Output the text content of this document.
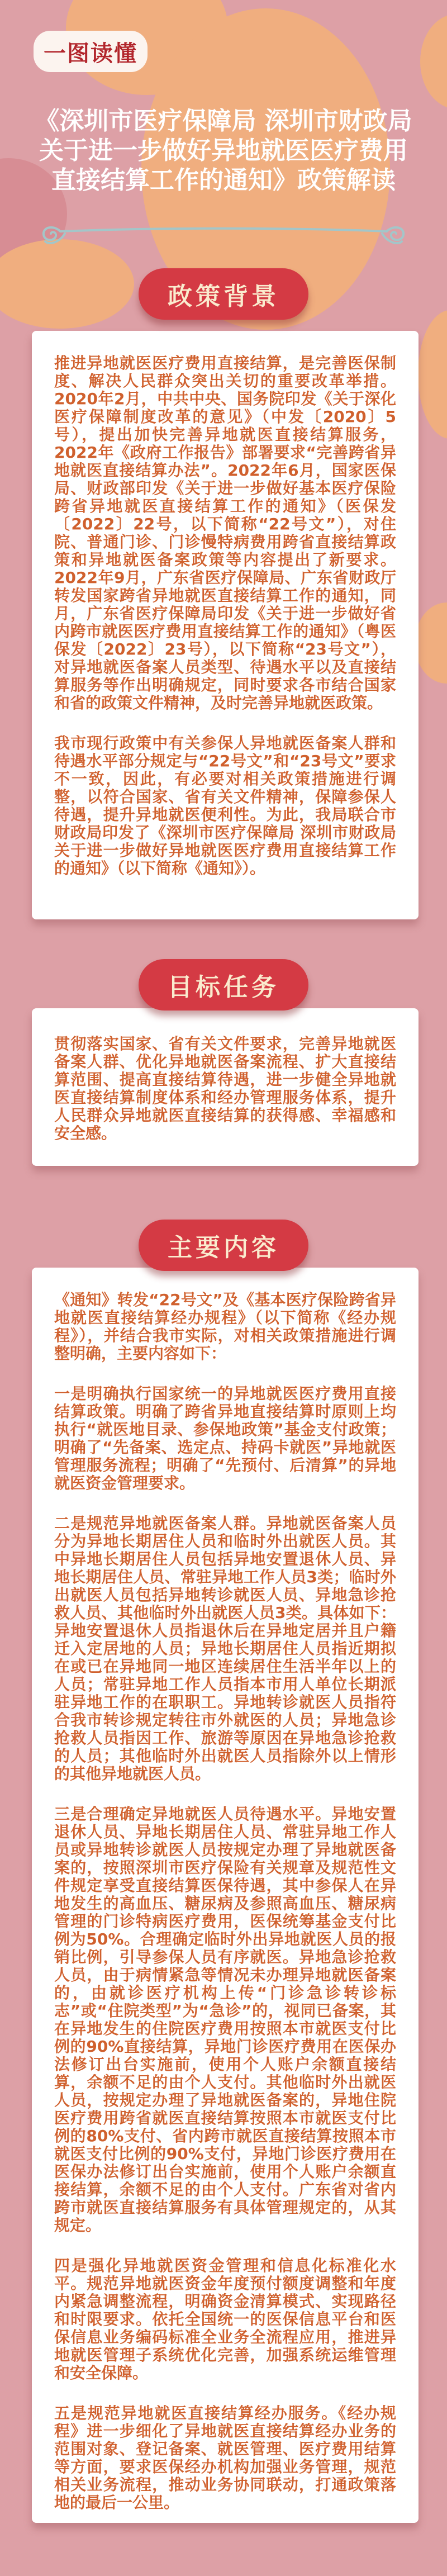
一图读懂
《深圳市医疗保障局 深圳市财政局
关于进一步做好异地就医医疗费用
直接结算工作的通知》政策解读
政策背景

推进异地就医医疗费用直接结算，是完善医保制度、解决人民群众突出关切的重要改革举措。2020年2月，中共中央、国务院印发《关于深化医疗保障制度改革的意见》（中发〔2020〕5号），提出加快完善异地就医直接结算服务，2022年《政府工作报告》部署要求“完善跨省异地就医直接结算办法”。2022年6月，国家医保局、财政部印发《关于进一步做好基本医疗保险跨省异地就医直接结算工作的通知》（医保发〔2022〕22号，以下简称“22号文”），对住院、普通门诊、门诊慢特病费用跨省直接结算政策和异地就医备案政策等内容提出了新要求。2022年9月，广东省医疗保障局、广东省财政厅转发国家跨省异地就医直接结算工作的通知，同月，广东省医疗保障局印发《关于进一步做好省内跨市就医医疗费用直接结算工作的通知》（粤医保发〔2022〕23号），以下简称“23号文”），对异地就医备案人员类型、待遇水平以及直接结算服务等作出明确规定，同时要求各市结合国家和省的政策文件精神，及时完善异地就医政策。

我市现行政策中有关参保人异地就医备案人群和待遇水平部分规定与“22号文”和“23号文”要求不一致，因此，有必要对相关政策措施进行调整，以符合国家、省有关文件精神，保障参保人待遇，提升异地就医便利性。为此，我局联合市财政局印发了《深圳市医疗保障局 深圳市财政局关于进一步做好异地就医医疗费用直接结算工作的通知》（以下简称《通知》）。

目标任务

贯彻落实国家、省有关文件要求，完善异地就医备案人群、优化异地就医备案流程、扩大直接结算范围、提高直接结算待遇，进一步健全异地就医直接结算制度体系和经办管理服务体系，提升人民群众异地就医直接结算的获得感、幸福感和安全感。

主要内容

《通知》转发“22号文”及《基本医疗保险跨省异地就医直接结算经办规程》（以下简称《经办规程》），并结合我市实际，对相关政策措施进行调整明确，主要内容如下：

一是明确执行国家统一的异地就医医疗费用直接结算政策。明确了跨省异地直接结算时原则上均执行“就医地目录、参保地政策”基金支付政策；明确了“先备案、选定点、持码卡就医”异地就医管理服务流程；明确了“先预付、后清算”的异地就医资金管理要求。

二是规范异地就医备案人群。异地就医备案人员分为异地长期居住人员和临时外出就医人员。其中异地长期居住人员包括异地安置退休人员、异地长期居住人员、常驻异地工作人员3类；临时外出就医人员包括异地转诊就医人员、异地急诊抢救人员、其他临时外出就医人员3类。具体如下：异地安置退休人员指退休后在异地定居并且户籍迁入定居地的人员；异地长期居住人员指近期拟在或已在异地同一地区连续居住生活半年以上的人员；常驻异地工作人员指本市用人单位长期派驻异地工作的在职职工。异地转诊就医人员指符合我市转诊规定转往市外就医的人员；异地急诊抢救人员指因工作、旅游等原因在异地急诊抢救的人员；其他临时外出就医人员指除外以上情形的其他异地就医人员。

三是合理确定异地就医人员待遇水平。异地安置退休人员、异地长期居住人员、常驻异地工作人员或异地转诊就医人员按规定办理了异地就医备案的，按照深圳市医疗保险有关规章及规范性文件规定享受直接结算医保待遇，其中参保人在异地发生的高血压、糖尿病及参照高血压、糖尿病管理的门诊特病医疗费用，医保统筹基金支付比例为50%。合理确定临时外出异地就医人员的报销比例，引导参保人员有序就医。异地急诊抢救人员，由于病情紧急等情况未办理异地就医备案的，由就诊医疗机构上传“门诊急诊转诊标志”或“住院类型”为“急诊”的，视同已备案，其在异地发生的住院医疗费用按照本市就医支付比例的90%直接结算，异地门诊医疗费用在医保办法修订出台实施前，使用个人账户余额直接结算，余额不足的由个人支付。其他临时外出就医人员，按规定办理了异地就医备案的，异地住院医疗费用跨省就医直接结算按照本市就医支付比例的80%支付、省内跨市就医直接结算按照本市就医支付比例的90%支付，异地门诊医疗费用在医保办法修订出台实施前，使用个人账户余额直接结算，余额不足的由个人支付。广东省对省内跨市就医直接结算服务有具体管理规定的，从其规定。

四是强化异地就医资金管理和信息化标准化水平。规范异地就医资金年度预付额度调整和年度内紧急调整流程，明确资金清算模式、实现路径和时限要求。依托全国统一的医保信息平台和医保信息业务编码标准全业务全流程应用，推进异地就医管理子系统优化完善，加强系统运维管理和安全保障。

五是规范异地就医直接结算经办服务。《经办规程》进一步细化了异地就医直接结算经办业务的范围对象、登记备案、就医管理、医疗费用结算等方面，要求医保经办机构加强业务管理，规范相关业务流程，推动业务协同联动，打通政策落地的最后一公里。
